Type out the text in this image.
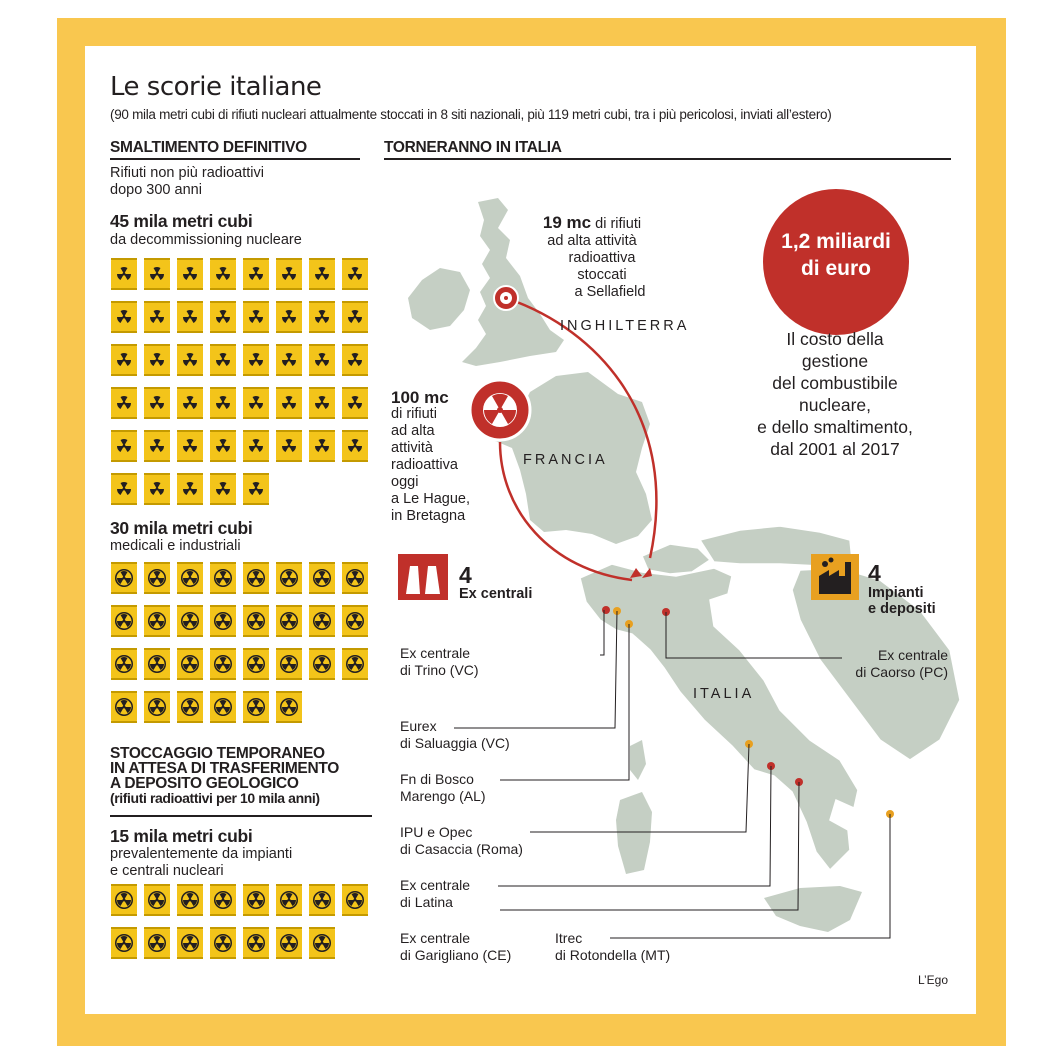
Le scorie italiane
(90 mila metri cubi di rifiuti nucleari attualmente stoccati in 8 siti nazionali, più 119 metri cubi, tra i più pericolosi, inviati all’estero)
SMALTIMENTO DEFINITIVO
Rifiuti non più radioattivi
dopo 300 anni
45 mila metri cubi
da decommissioning nucleare
30 mila metri cubi
medicali e industriali
STOCCAGGIO TEMPORANEO
IN ATTESA DI TRASFERIMENTO
A DEPOSITO GEOLOGICO
(rifiuti radioattivi per 10 mila anni)
15 mila metri cubi
prevalentemente da impianti
e centrali nucleari
TORNERANNO IN ITALIA
19 mc di rifiuti
ad alta attività
radioattiva
stoccati
a Sellafield
100 mc
di rifiuti
ad alta
attività
radioattiva
oggi
a Le Hague,
in Bretagna
INGHILTERRA
FRANCIA
ITALIA
1,2 miliardi
di euro
Il costo della
gestione
del combustibile
nucleare,
e dello smaltimento,
dal 2001 al 2017
4
Ex centrali
4
Impianti
e depositi
Ex centrale
di Trino (VC)
Ex centrale
di Caorso (PC)
Eurex
di Saluaggia (VC)
Fn di Bosco
Marengo (AL)
IPU e Opec
di Casaccia (Roma)
Ex centrale
di Latina
Ex centrale
di Garigliano (CE)
Itrec
di Rotondella (MT)
L’Ego
